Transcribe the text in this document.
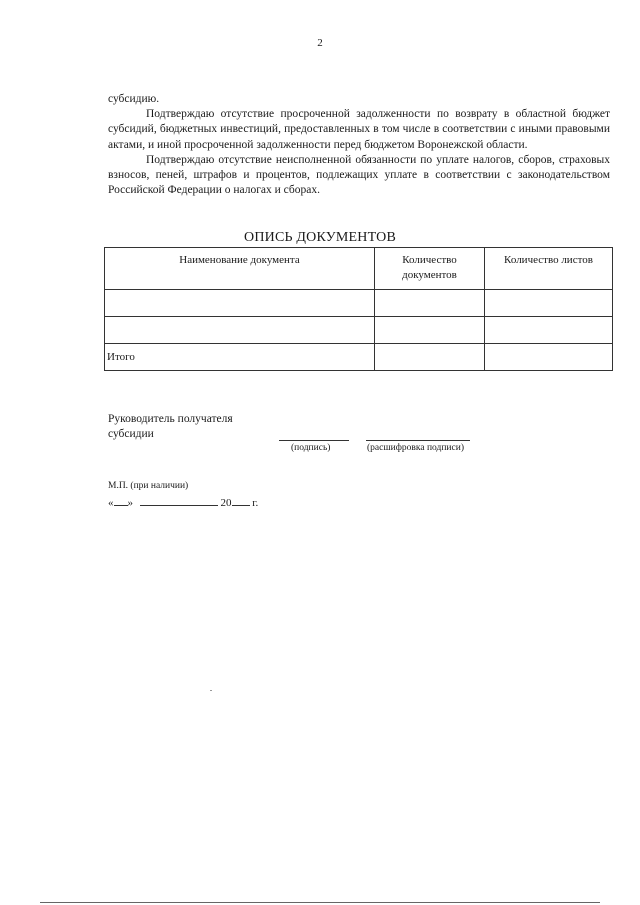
2

субсидию.

Подтверждаю отсутствие просроченной задолженности по возврату в областной бюджет субсидий, бюджетных инвестиций, предоставленных в том числе в соответствии с иными правовыми актами, и иной просроченной задолженности перед бюджетом Воронежской области.

Подтверждаю отсутствие неисполненной обязанности по уплате налогов, сборов, страховых взносов, пеней, штрафов и процентов, подлежащих уплате в соответствии с законодательством Российской Федерации о налогах и сборах.

ОПИСЬ ДОКУМЕНТОВ
Наименование документа	Количество документов	Количество листов

Итого		
Руководитель получателя
субсидии
(подпись)	(расшифровка подписи)
М.П. (при наличии)
« »	20 г.
